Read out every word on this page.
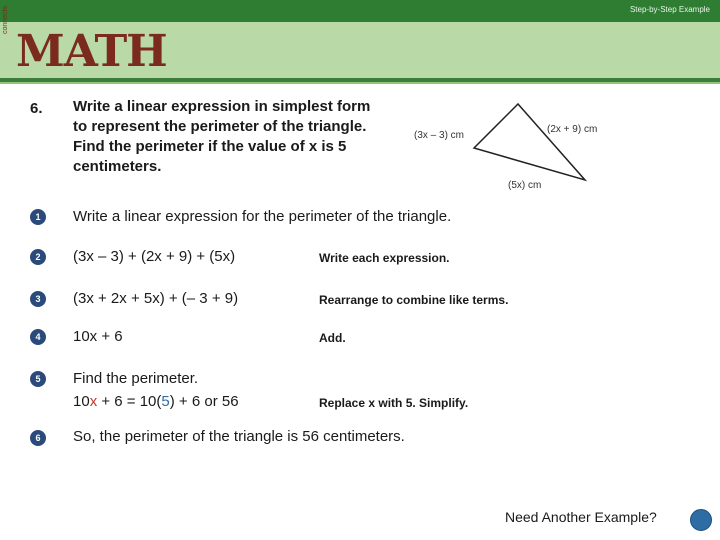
Step-by-Step Example
MATH
connects
6. Write a linear expression in simplest form to represent the perimeter of the triangle. Find the perimeter if the value of x is 5 centimeters.
(3x – 3) cm
(2x + 9) cm
(5x) cm
1	Write a linear expression for the perimeter of the triangle.
2	(3x – 3) + (2x + 9) + (5x)	Write each expression.
3	(3x + 2x + 5x) + (– 3 + 9)	Rearrange to combine like terms.
4	10x + 6	Add.
5	Find the perimeter.
10x + 6 = 10(5) + 6 or 56	Replace x with 5. Simplify.
6	So, the perimeter of the triangle is 56 centimeters.
Need Another Example?
